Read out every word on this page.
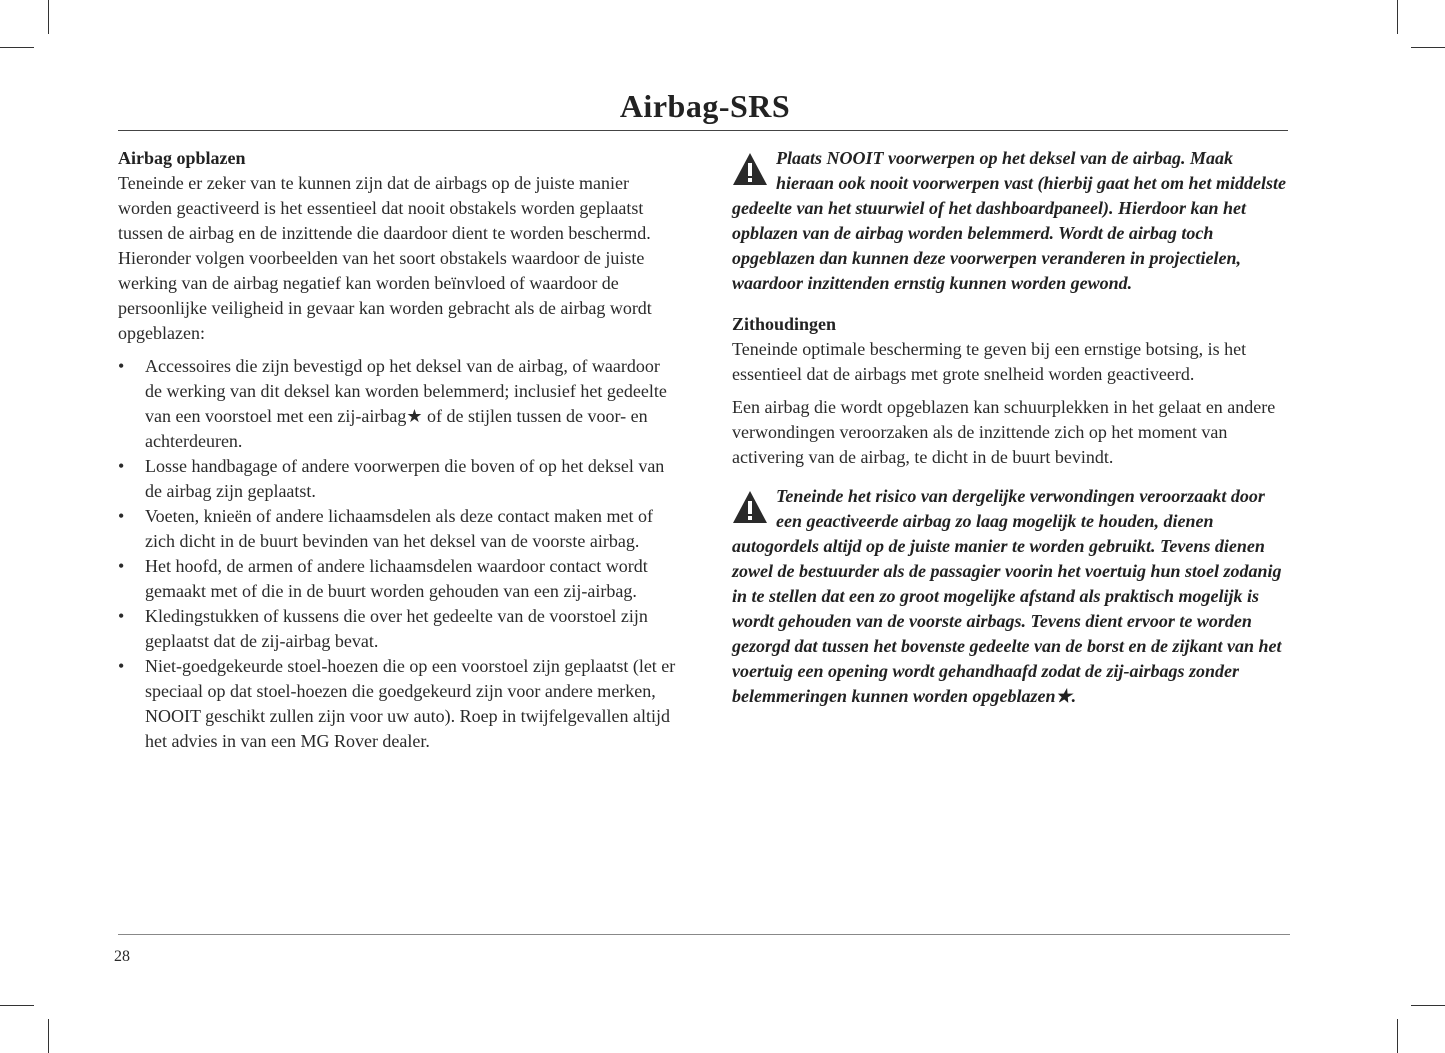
Airbag-SRS
Airbag opblazen

Teneinde er zeker van te kunnen zijn dat de airbags op de juiste manier worden geactiveerd is het essentieel dat nooit obstakels worden geplaatst tussen de airbag en de inzittende die daardoor dient te worden beschermd. Hieronder volgen voorbeelden van het soort obstakels waardoor de juiste werking van de airbag negatief kan worden beïnvloed of waardoor de persoonlijke veiligheid in gevaar kan worden gebracht als de airbag wordt opgeblazen:

• Accessoires die zijn bevestigd op het deksel van de airbag, of waardoor de werking van dit deksel kan worden belemmerd; inclusief het gedeelte van een voorstoel met een zij-airbag★ of de stijlen tussen de voor- en achterdeuren.
• Losse handbagage of andere voorwerpen die boven of op het deksel van de airbag zijn geplaatst.
• Voeten, knieën of andere lichaamsdelen als deze contact maken met of zich dicht in de buurt bevinden van het deksel van de voorste airbag.
• Het hoofd, de armen of andere lichaamsdelen waardoor contact wordt gemaakt met of die in de buurt worden gehouden van een zij-airbag.
• Kledingstukken of kussens die over het gedeelte van de voorstoel zijn geplaatst dat de zij-airbag bevat.
• Niet-goedgekeurde stoel-hoezen die op een voorstoel zijn geplaatst (let er speciaal op dat stoel-hoezen die goedgekeurd zijn voor andere merken, NOOIT geschikt zullen zijn voor uw auto). Roep in twijfelgevallen altijd het advies in van een MG Rover dealer.
Plaats NOOIT voorwerpen op het deksel van de airbag. Maak hieraan ook nooit voorwerpen vast (hierbij gaat het om het middelste gedeelte van het stuurwiel of het dashboardpaneel). Hierdoor kan het opblazen van de airbag worden belemmerd. Wordt de airbag toch opgeblazen dan kunnen deze voorwerpen veranderen in projectielen, waardoor inzittenden ernstig kunnen worden gewond.
Zithoudingen

Teneinde optimale bescherming te geven bij een ernstige botsing, is het essentieel dat de airbags met grote snelheid worden geactiveerd.

Een airbag die wordt opgeblazen kan schuurplekken in het gelaat en andere verwondingen veroorzaken als de inzittende zich op het moment van activering van de airbag, te dicht in de buurt bevindt.

Teneinde het risico van dergelijke verwondingen veroorzaakt door een geactiveerde airbag zo laag mogelijk te houden, dienen autogordels altijd op de juiste manier te worden gebruikt. Tevens dienen zowel de bestuurder als de passagier voorin het voertuig hun stoel zodanig in te stellen dat een zo groot mogelijke afstand als praktisch mogelijk is wordt gehouden van de voorste airbags. Tevens dient ervoor te worden gezorgd dat tussen het bovenste gedeelte van de borst en de zijkant van het voertuig een opening wordt gehandhaafd zodat de zij-airbags zonder belemmeringen kunnen worden opgeblazen★.
28
